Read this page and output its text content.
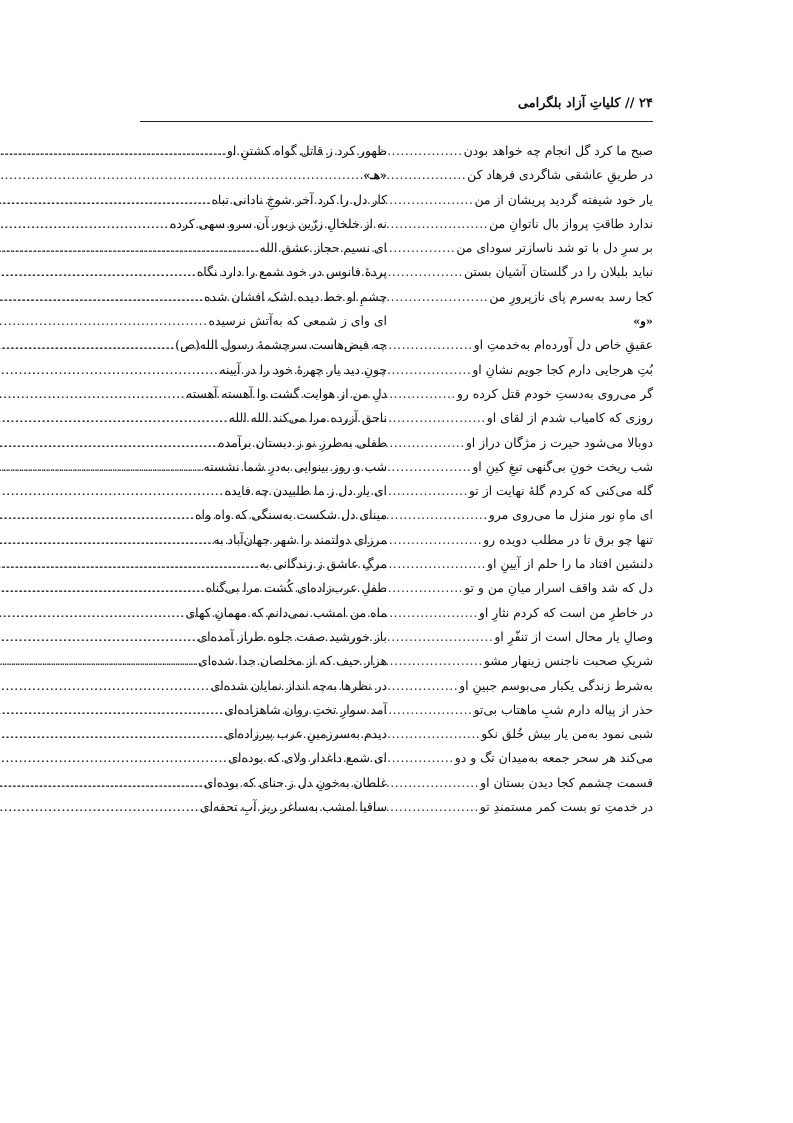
۲۴ // کلیاتِ آزاد بلگرامی
صبح ما کرد گل انجام چه خواهد بودن
.....
در طریقِ عاشقی شاگردی فرهاد کن
.....
یار خود شیفته گردید پریشان از من
.....
ندارد طاقتِ پرواز بال ناتوانِ من
.....
بر سرِ دل با تو شد ناسازتر سودای من
.....
نباید بلبلان را در گلستان آشیان بستن
.....
کجا رسد به‌سرم پای نازپرورِ من
.....
«و»
عقیقِ خاص دل آورده‌ام به‌خدمتِ او
.....
بُتِ هرجایی دارم کجا جویم نشانِ او
.....
گر می‌روی به‌دستِ خودم قتل کرده رو
.....
روزی که کامیاب شدم از لقای او
.....
دوبالا می‌شود حیرت ز مژگان دراز او
.....
شب ریخت خونِ بی‌گنهی تیغِ کینِ او
.....
گله می‌کنی که کردم گلهٔ نهایت از تو
.....
ای ماهِ نور منزل ما می‌روی مرو
.....
تنها چو برق تا در مطلب دویده رو
.....
دلنشین افتاد ما را حلم از آیینِ او
.....
دل که شد واقف اسرار میانِ من و تو
.....
در خاطرِ من است که کردم نثارِ او
.....
وصالِ یار محال است از تنفّرِ او
.....
شریکِ صحبت ناجنس زینهار مشو
.....
به‌شرط زندگی یکبار می‌بوسم جبینِ او
.....
حذر از پیاله دارم شبِ ماهتاب بی‌تو
.....
شبی نمود به‌من یار بیش خُلق نکو
.....
می‌کند هر سحر جمعه به‌میدان تگ و دو
.....
قسمت چشمم کجا دیدن بستان او
.....
در خدمتِ تو بست کمر مستمندِ تو
.....
ظهور کرد ز قاتل گواه کشتنِ او
.....
«هـ»
کار دل را کرد آخر شوخِ نادانی تباه
.....
نه از خلخالِ زرّین زیور آن سرو سهی کرده
.....
ای نسیم حجاز عشق الله
.....
پردهٔ فانوس در خود شمع را دارد نگاه
.....
چشمِ او خط دیده اشک افشان شده
.....
ای وای ز شمعی که به‌آتش نرسیده
.....
چه فیض‌هاست سرچشمهٔ رسول الله(ص)
.....
چونِ دید یار چهرهٔ خود را در آیینه
.....
دلِ من از هوایت گشت وا آهسته آهسته
.....
ناحق آزرده مرا می‌کند الله الله
.....
طفلی به‌طرزِ نو ز دبستان برآمده
.....
شب و روز بینوایی به‌درِ شما نشسته
.....
ای یار دل ز ما طلبیدن چه فایده
.....
مینای دل شکست به‌سنگی که واه واه
.....
مرزای دولتمند را شهر جهان‌آباد به
.....
مرگِ عاشق ز زندگانی به
.....
طفلِ عرب‌زاده‌ای کُشت مرا بی‌گناه
.....
ماه من امشب نمی‌دانم که مهمانِ کهای
.....
باز خورشید صفت جلوه طراز آمده‌ای
.....
هزار حیف که از مخلصان جدا شده‌ای
.....
در نظرها به‌چه انداز نمایان شده‌ای
.....
آمد سوارِ تختِ روان شاهزاده‌ای
.....
دیدم به‌سرزمینِ عرب پیرزاده‌ای
.....
ای شمع داغدار ولای که بوده‌ای
.....
غلطان به‌خونِ دل ز حنای که بوده‌ای
.....
ساقیا امشب به‌ساغر ریز آبِ تحفه‌ای
.....
